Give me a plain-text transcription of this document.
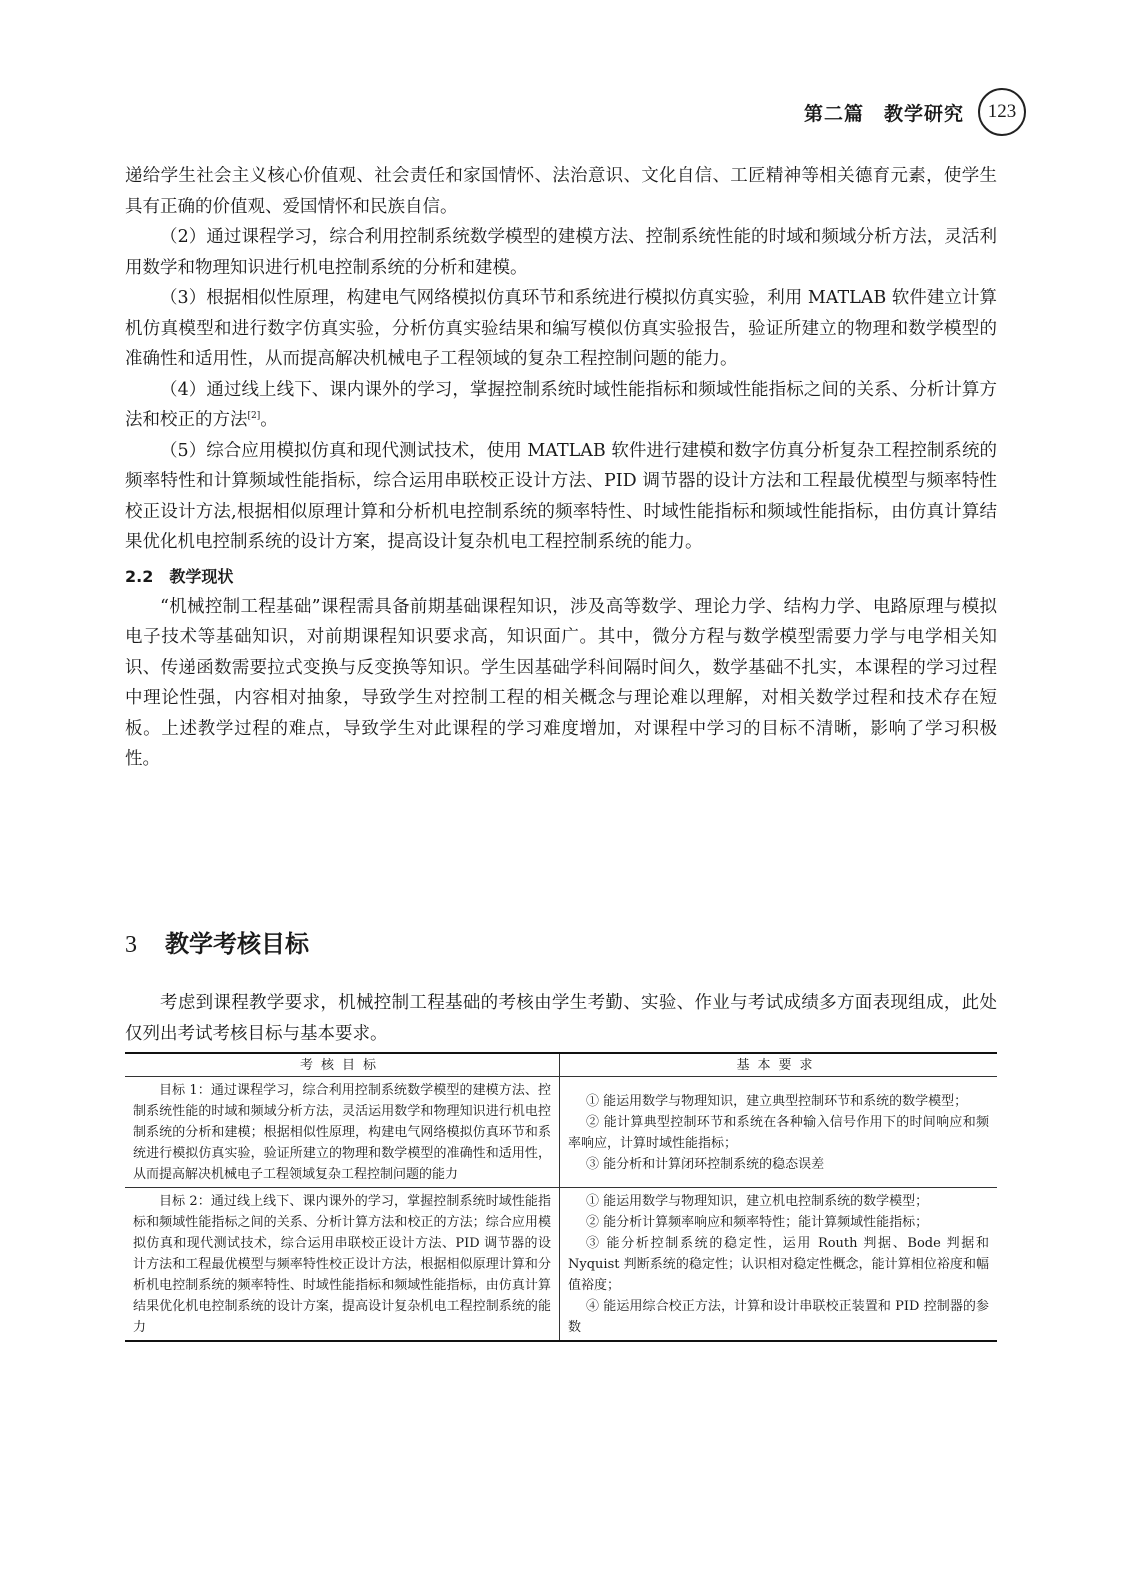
第二篇　教学研究	123

递给学生社会主义核心价值观、社会责任和家国情怀、法治意识、文化自信、工匠精神等相关德育元素，使学生具有正确的价值观、爱国情怀和民族自信。

（2）通过课程学习，综合利用控制系统数学模型的建模方法、控制系统性能的时域和频域分析方法，灵活利用数学和物理知识进行机电控制系统的分析和建模。

（3）根据相似性原理，构建电气网络模拟仿真环节和系统进行模拟仿真实验，利用 MATLAB 软件建立计算机仿真模型和进行数字仿真实验，分析仿真实验结果和编写模似仿真实验报告，验证所建立的物理和数学模型的准确性和适用性，从而提高解决机械电子工程领域的复杂工程控制问题的能力。

（4）通过线上线下、课内课外的学习，掌握控制系统时域性能指标和频域性能指标之间的关系、分析计算方法和校正的方法[2]。

（5）综合应用模拟仿真和现代测试技术，使用 MATLAB 软件进行建模和数字仿真分析复杂工程控制系统的频率特性和计算频域性能指标，综合运用串联校正设计方法、PID 调节器的设计方法和工程最优模型与频率特性校正设计方法,根据相似原理计算和分析机电控制系统的频率特性、时域性能指标和频域性能指标，由仿真计算结果优化机电控制系统的设计方案，提高设计复杂机电工程控制系统的能力。

2.2 教学现状

“机械控制工程基础”课程需具备前期基础课程知识，涉及高等数学、理论力学、结构力学、电路原理与模拟电子技术等基础知识，对前期课程知识要求高，知识面广。其中，微分方程与数学模型需要力学与电学相关知识、传递函数需要拉式变换与反变换等知识。学生因基础学科间隔时间久，数学基础不扎实，本课程的学习过程中理论性强，内容相对抽象，导致学生对控制工程的相关概念与理论难以理解，对相关数学过程和技术存在短板。上述教学过程的难点，导致学生对此课程的学习难度增加，对课程中学习的目标不清晰，影响了学习积极性。

3 教学考核目标

考虑到课程教学要求，机械控制工程基础的考核由学生考勤、实验、作业与考试成绩多方面表现组成，此处仅列出考试考核目标与基本要求。

考核目标	基本要求

目标 1：通过课程学习，综合利用控制系统数学模型的建模方法、控制系统性能的时域和频域分析方法，灵活运用数学和物理知识进行机电控制系统的分析和建模；根据相似性原理，构建电气网络模拟仿真环节和系统进行模拟仿真实验，验证所建立的物理和数学模型的准确性和适用性，从而提高解决机械电子工程领域复杂工程控制问题的能力	① 能运用数学与物理知识，建立典型控制环节和系统的数学模型；
② 能计算典型控制环节和系统在各种输入信号作用下的时间响应和频率响应，计算时域性能指标；
③ 能分析和计算闭环控制系统的稳态误差

目标 2：通过线上线下、课内课外的学习，掌握控制系统时域性能指标和频域性能指标之间的关系、分析计算方法和校正的方法；综合应用模拟仿真和现代测试技术，综合运用串联校正设计方法、PID 调节器的设计方法和工程最优模型与频率特性校正设计方法，根据相似原理计算和分析机电控制系统的频率特性、时域性能指标和频域性能指标，由仿真计算结果优化机电控制系统的设计方案，提高设计复杂机电工程控制系统的能力	① 能运用数学与物理知识，建立机电控制系统的数学模型；
② 能分析计算频率响应和频率特性；能计算频域性能指标；
③ 能分析控制系统的稳定性，运用 Routh 判据、Bode 判据和 Nyquist 判断系统的稳定性；认识相对稳定性概念，能计算相位裕度和幅值裕度；
④ 能运用综合校正方法，计算和设计串联校正装置和 PID 控制器的参数
